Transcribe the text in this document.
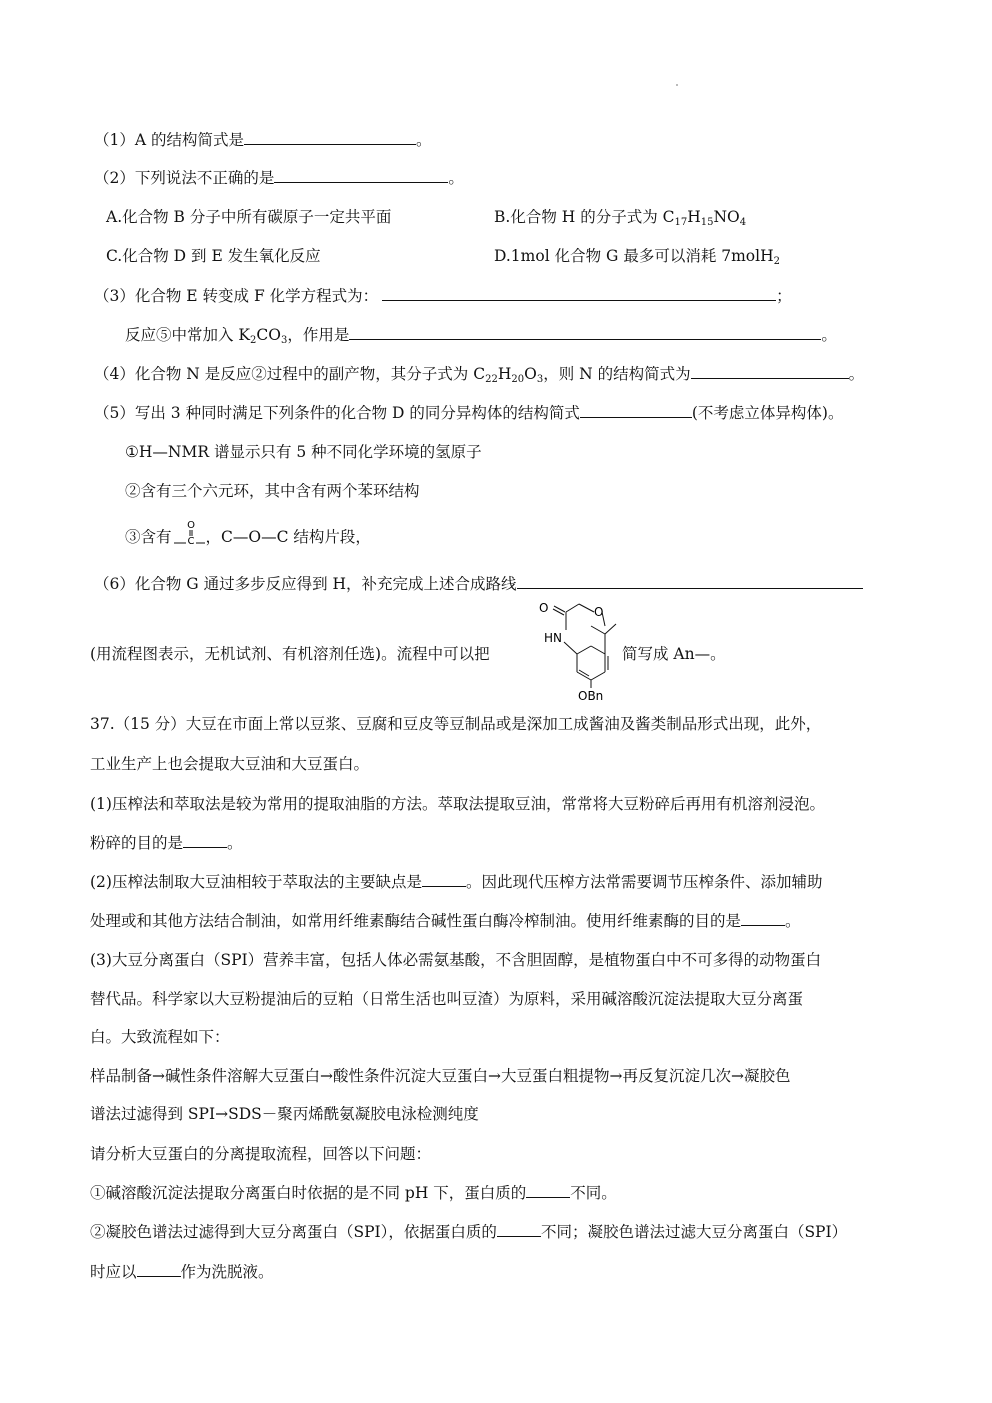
（1）A 的结构简式是	。
（2）下列说法不正确的是	。
A.化合物 B 分子中所有碳原子一定共平面	B.化合物 H 的分子式为 $C_{17}H_{15}NO_4$
C.化合物 D 到 E 发生氧化反应	D.1mol 化合物 G 最多可以消耗 7molH$_2$
（3）化合物 E 转变成 F 化学方程式为：	；
反应⑤中常加入 $K_2CO_3$，作用是	。
（4）化合物 N 是反应②过程中的副产物，其分子式为 $C_{22}H_{20}O_3$，则 N 的结构简式为	。
（5）写出 3 种同时满足下列条件的化合物 D 的同分异构体的结构简式	(不考虑立体异构体)。
①H—NMR 谱显示只有 5 种不同化学环境的氢原子
②含有三个六元环，其中含有两个苯环结构
③含有
O
C ，C—O—C 结构片段，
（6）化合物 G 通过多步反应得到 H，补充完成上述合成路线
(用流程图表示，无机试剂、有机溶剂任选)。流程中可以把
O	O
HN
OBn
简写成 An—。
37.（15 分）大豆在市面上常以豆浆、豆腐和豆皮等豆制品或是深加工成酱油及酱类制品形式出现，此外，
工业生产上也会提取大豆油和大豆蛋白。
(1)压榨法和萃取法是较为常用的提取油脂的方法。萃取法提取豆油，常常将大豆粉碎后再用有机溶剂浸泡。
粉碎的目的是	。
(2)压榨法制取大豆油相较于萃取法的主要缺点是	。因此现代压榨方法常需要调节压榨条件、添加辅助
处理或和其他方法结合制油，如常用纤维素酶结合碱性蛋白酶冷榨制油。使用纤维素酶的目的是	。
(3)大豆分离蛋白（SPI）营养丰富，包括人体必需氨基酸，不含胆固醇，是植物蛋白中不可多得的动物蛋白
替代品。科学家以大豆粉提油后的豆粕（日常生活也叫豆渣）为原料，采用碱溶酸沉淀法提取大豆分离蛋
白。大致流程如下：
样品制备→碱性条件溶解大豆蛋白→酸性条件沉淀大豆蛋白→大豆蛋白粗提物→再反复沉淀几次→凝胶色
谱法过滤得到 SPI→SDS－聚丙烯酰氨凝胶电泳检测纯度
请分析大豆蛋白的分离提取流程，回答以下问题：
①碱溶酸沉淀法提取分离蛋白时依据的是不同 pH 下，蛋白质的	不同。
②凝胶色谱法过滤得到大豆分离蛋白（SPI），依据蛋白质的	不同；凝胶色谱法过滤大豆分离蛋白（SPI）
时应以	作为洗脱液。
